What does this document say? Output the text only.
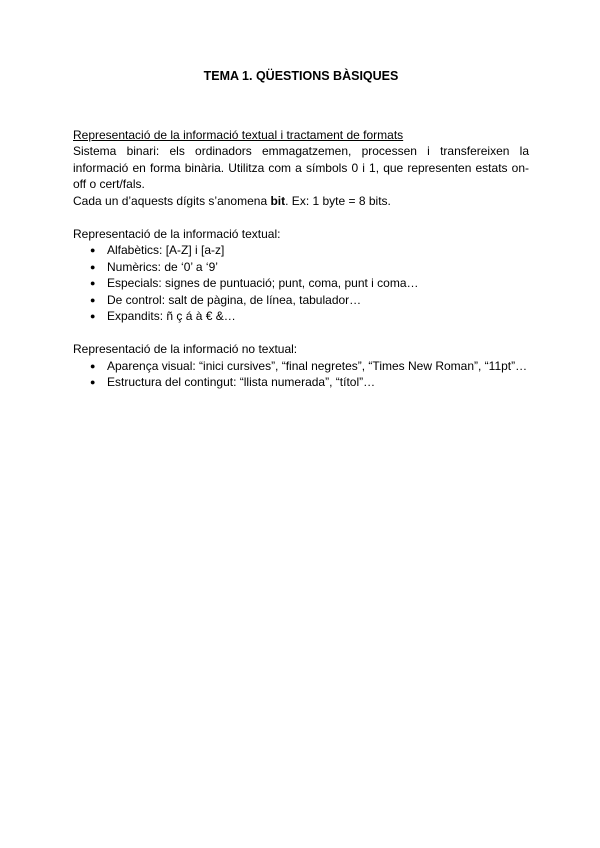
TEMA 1. QÜESTIONS BÀSIQUES

Representació de la informació textual i tractament de formats

Sistema binari: els ordinadors emmagatzemen, processen i transfereixen la informació en forma binària. Utilitza com a símbols 0 i 1, que representen estats on-off o cert/fals.

Cada un d’aquests dígits s’anomena bit. Ex: 1 byte = 8 bits.

Representació de la informació textual:

● Alfabètics: [A-Z] i [a-z]
● Numèrics: de ‘0’ a ‘9’
● Especials: signes de puntuació; punt, coma, punt i coma…
● De control: salt de pàgina, de línea, tabulador…
● Expandits: ñ ç á à € &…

Representació de la informació no textual:

● Aparença visual: “inici cursives”, “final negretes”, “Times New Roman”, “11pt”…
● Estructura del contingut: “llista numerada”, “títol”…
